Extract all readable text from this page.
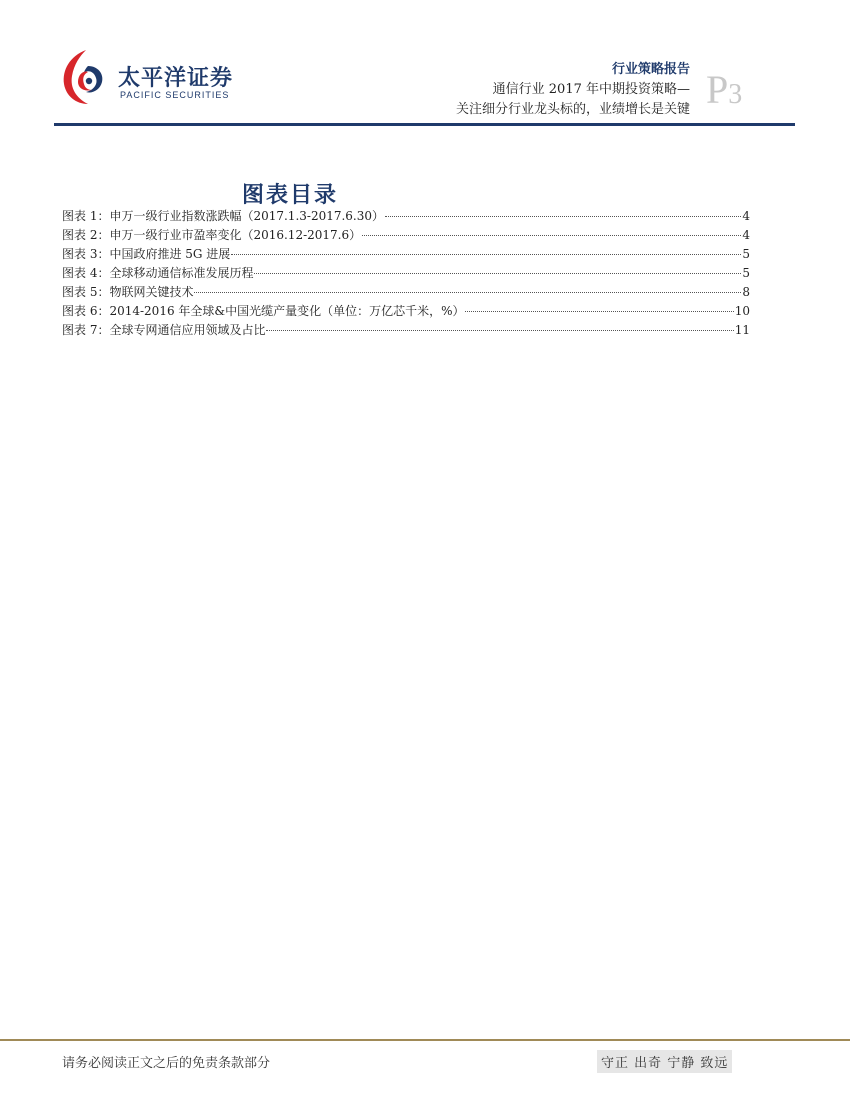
太平洋证券
PACIFIC SECURITIES
行业策略报告
通信行业 2017 年中期投资策略—
关注细分行业龙头标的，业绩增长是关键 P3
图表目录
图表 1：申万一级行业指数涨跌幅（2017.1.3-2017.6.30）	4
图表 2：申万一级行业市盈率变化（2016.12-2017.6）	4
图表 3：中国政府推进 5G 进展	5
图表 4：全球移动通信标准发展历程	5
图表 5：物联网关键技术	8
图表 6：2014-2016 年全球&中国光缆产量变化（单位：万亿芯千米，%）	10
图表 7：全球专网通信应用领域及占比	11
请务必阅读正文之后的免责条款部分	守正 出奇 宁静 致远
